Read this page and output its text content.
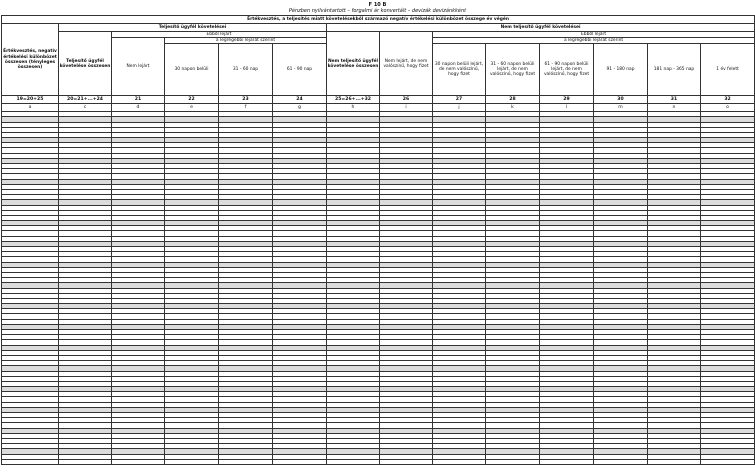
F 10 B
Pénzben nyilvántartott – forgalmi ár konvertált – devizák devizánkként
Értékvesztés, a teljesítés miatt követelésekből származó negatív értékelési különbözet összege év végén													
Értékvesztés, negatív értékelési különbözet összesen (tényleges összesen)	Teljesítő ügyfél követelései					Nem teljesítő ügyfél követelései							
	Teljesítő ügyfél követelése összesen	Ebből lejárt				Nem teljesítő ügyfél követelése összesen	Nem lejárt, de nem valószínű, hogy fizet	Ebből lejárt					
		Nem lejárt	a legrégebbi lejárat szerint					a legrégebbi lejárat szerint					
			30 napon belüli	31 - 60 nap	61 - 90 nap			30 napon belüli lejárt, de nem valószínű, hogy fizet	31 - 60 napon belüli lejárt, de nem valószínű, hogy fizet	61 - 90 napon belüli lejárt, de nem valószínű, hogy fizet	91 - 180 nap	181 nap - 365 nap	1 év felett
19=20+25	20=21+...+24	21	22	23	24	25=26+...+32	26	27	28	29	30	31	32
a	c	d	e	f	g	h	i	j	k	l	m	n	o
